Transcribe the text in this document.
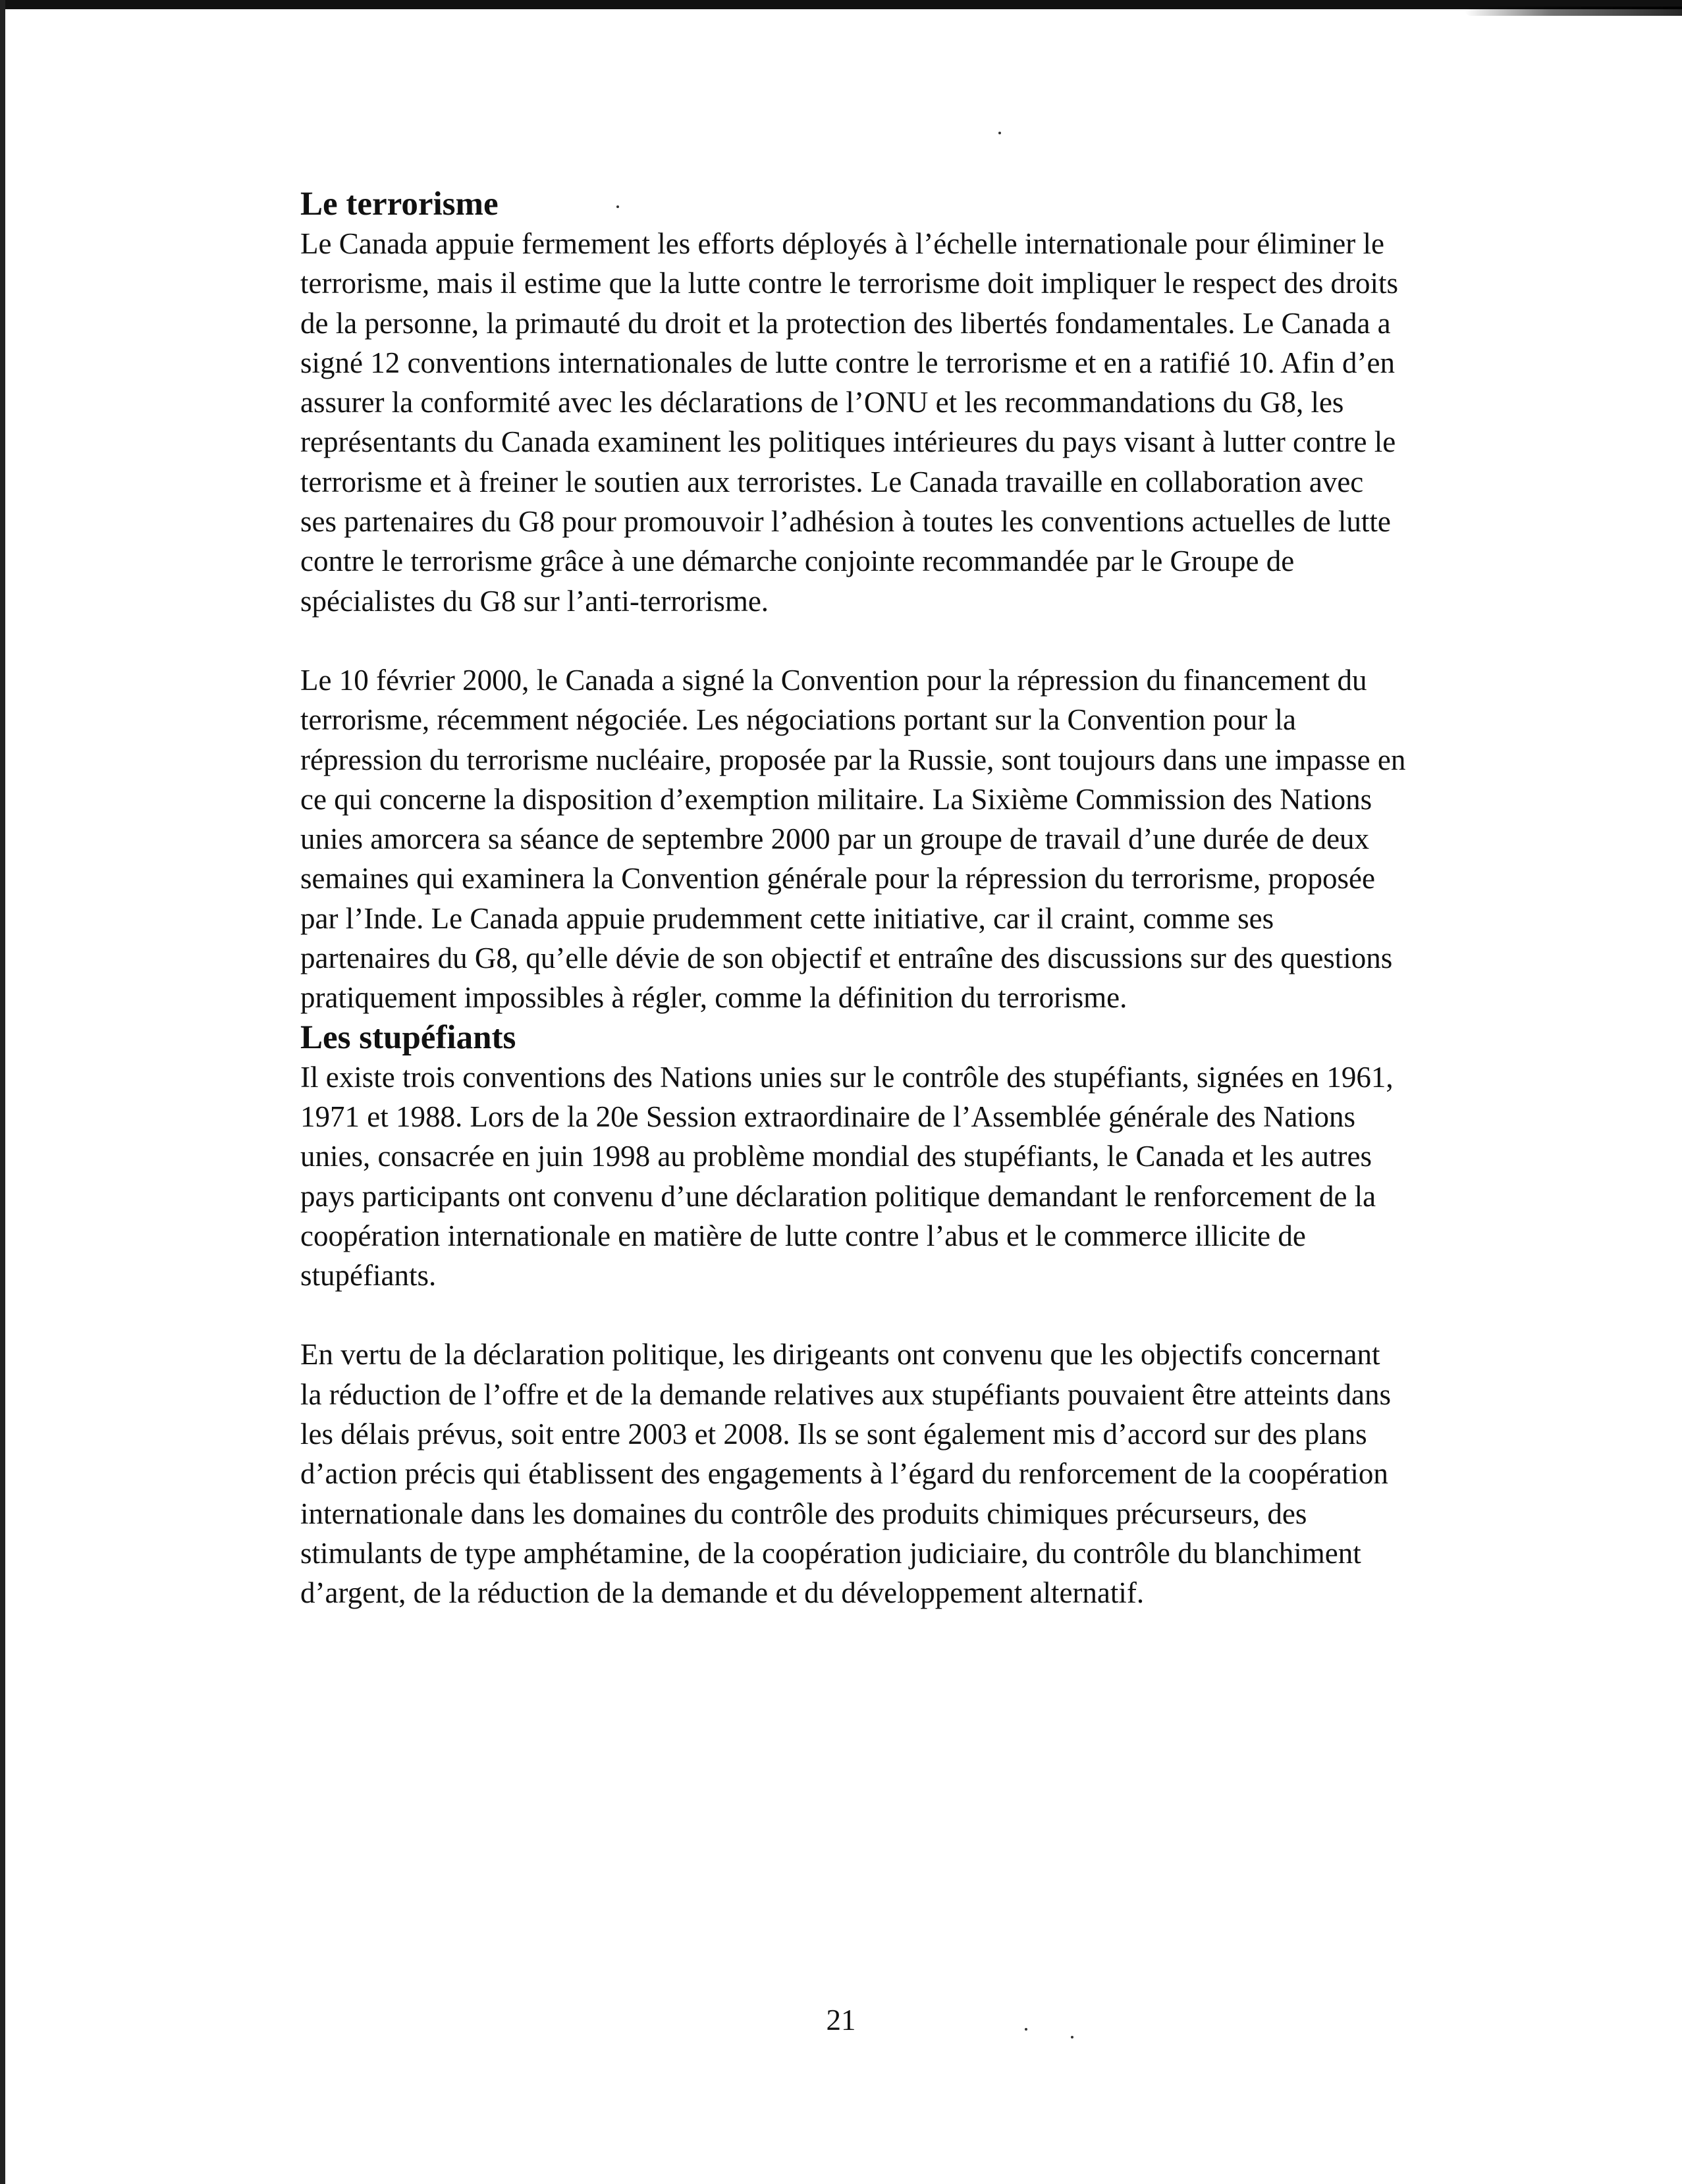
Le terrorisme

Le Canada appuie fermement les efforts déployés à l’échelle internationale pour éliminer le terrorisme, mais il estime que la lutte contre le terrorisme doit impliquer le respect des droits de la personne, la primauté du droit et la protection des libertés fondamentales. Le Canada a signé 12 conventions internationales de lutte contre le terrorisme et en a ratifié 10. Afin d’en assurer la conformité avec les déclarations de l’ONU et les recommandations du G8, les représentants du Canada examinent les politiques intérieures du pays visant à lutter contre le terrorisme et à freiner le soutien aux terroristes. Le Canada travaille en collaboration avec ses partenaires du G8 pour promouvoir l’adhésion à toutes les conventions actuelles de lutte contre le terrorisme grâce à une démarche conjointe recommandée par le Groupe de spécialistes du G8 sur l’anti-terrorisme.

Le 10 février 2000, le Canada a signé la Convention pour la répression du financement du terrorisme, récemment négociée. Les négociations portant sur la Convention pour la répression du terrorisme nucléaire, proposée par la Russie, sont toujours dans une impasse en ce qui concerne la disposition d’exemption militaire. La Sixième Commission des Nations unies amorcera sa séance de septembre 2000 par un groupe de travail d’une durée de deux semaines qui examinera la Convention générale pour la répression du terrorisme, proposée par l’Inde. Le Canada appuie prudemment cette initiative, car il craint, comme ses partenaires du G8, qu’elle dévie de son objectif et entraîne des discussions sur des questions pratiquement impossibles à régler, comme la définition du terrorisme.

Les stupéfiants

Il existe trois conventions des Nations unies sur le contrôle des stupéfiants, signées en 1961, 1971 et 1988. Lors de la 20e Session extraordinaire de l’Assemblée générale des Nations unies, consacrée en juin 1998 au problème mondial des stupéfiants, le Canada et les autres pays participants ont convenu d’une déclaration politique demandant le renforcement de la coopération internationale en matière de lutte contre l’abus et le commerce illicite de stupéfiants.

En vertu de la déclaration politique, les dirigeants ont convenu que les objectifs concernant la réduction de l’offre et de la demande relatives aux stupéfiants pouvaient être atteints dans les délais prévus, soit entre 2003 et 2008. Ils se sont également mis d’accord sur des plans d’action précis qui établissent des engagements à l’égard du renforcement de la coopération internationale dans les domaines du contrôle des produits chimiques précurseurs, des stimulants de type amphétamine, de la coopération judiciaire, du contrôle du blanchiment d’argent, de la réduction de la demande et du développement alternatif.

21
